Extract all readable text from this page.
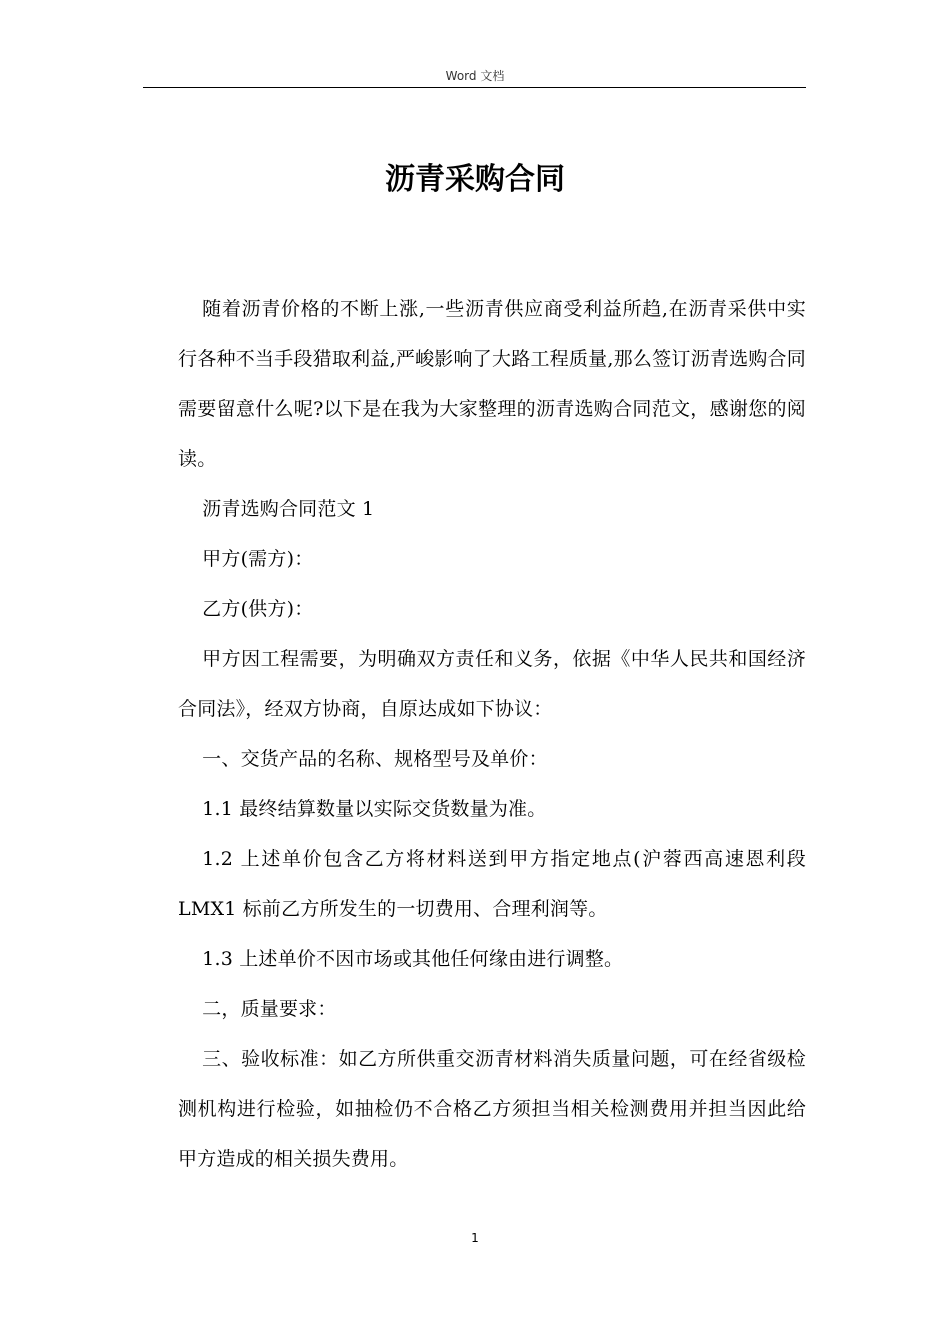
Word 文档
沥青采购合同

随着沥青价格的不断上涨,一些沥青供应商受利益所趋,在沥青采供中实行各种不当手段猎取利益,严峻影响了大路工程质量,那么签订沥青选购合同需要留意什么呢?以下是在我为大家整理的沥青选购合同范文，感谢您的阅读。

沥青选购合同范文 1

甲方(需方)：

乙方(供方)：

甲方因工程需要，为明确双方责任和义务，依据《中华人民共和国经济合同法》，经双方协商，自原达成如下协议：

一、交货产品的名称、规格型号及单价：

1.1 最终结算数量以实际交货数量为准。

1.2 上述单价包含乙方将材料送到甲方指定地点(沪蓉西高速恩利段 LMX1 标前乙方所发生的一切费用、合理利润等。

1.3 上述单价不因市场或其他任何缘由进行调整。

二，质量要求：

三、验收标准：如乙方所供重交沥青材料消失质量问题，可在经省级检测机构进行检验，如抽检仍不合格乙方须担当相关检测费用并担当因此给甲方造成的相关损失费用。

1
